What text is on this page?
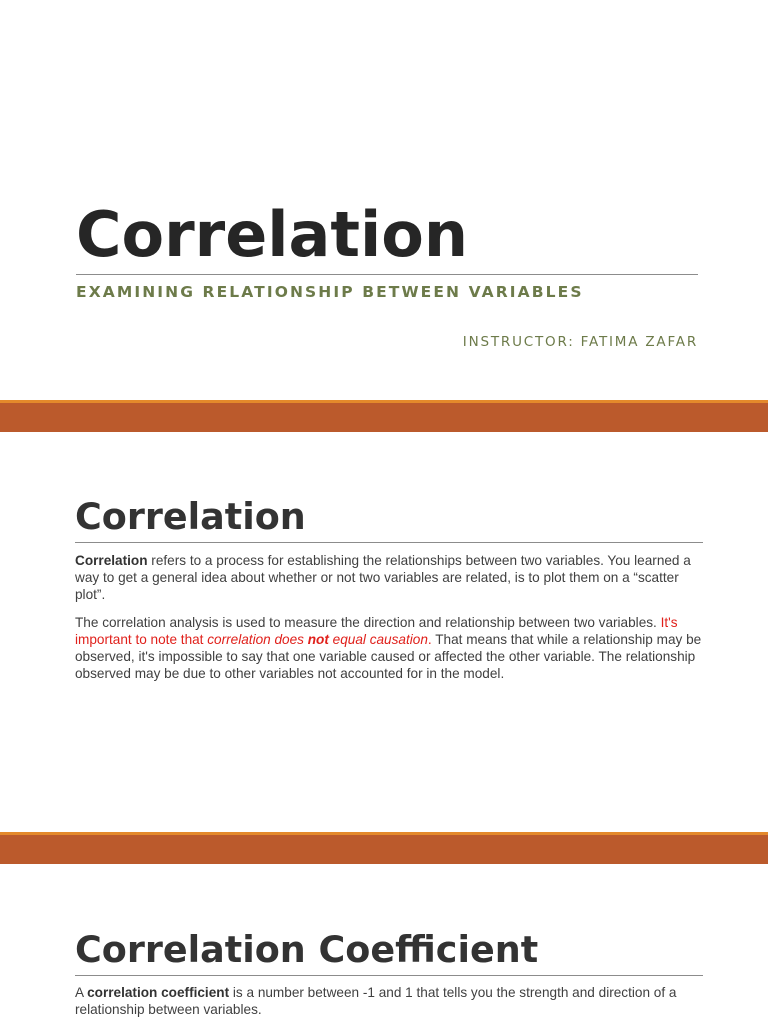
Correlation
EXAMINING RELATIONSHIP BETWEEN VARIABLES
INSTRUCTOR: FATIMA ZAFAR
Correlation

Correlation refers to a process for establishing the relationships between two variables. You learned a way to get a general idea about whether or not two variables are related, is to plot them on a “scatter plot”.

The correlation analysis is used to measure the direction and relationship between two variables. It's important to note that correlation does not equal causation. That means that while a relationship may be observed, it's impossible to say that one variable caused or affected the other variable. The relationship observed may be due to other variables not accounted for in the model.

Correlation Coefficient

A correlation coefficient is a number between -1 and 1 that tells you the strength and direction of a relationship between variables.
